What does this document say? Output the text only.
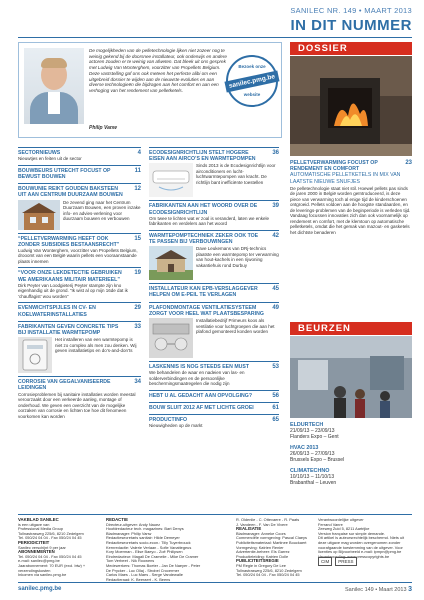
SANILEC NR. 149 • MAART 2013
IN DIT NUMMER
De mogelijkheden van de pelletechnologie lijken niet zozeer nog te weinig gekend bij de doorsnee installateur, ook onderwijs en andere actoren zouden er te weinig van afweten. Dat bleek uit ons gesprek met Ludwig Van Wonterghem, voorzitter van Propellets Belgium. Deze vaststelling gaf ons ook meteen het perfecte alibi om een uitgebreid dossier te wijden aan de nieuwste evoluties en aan diverse technologieën die bijdragen aan het comfort en aan een verhoging van het rendement van pelletketels.
Philip Vanw
Bezoek onze
sanilec.pmg.be
website
SECTORNIEUWS	4
Nieuwtjes en feiten uit de sector
BOUWBEURS UTRECHT FOCUST OP BEWUST BOUWEN
11
BOUWUNIE REIKT GOUDEN BAKSTEEN UIT AAN CENTRUM DUURZAAM BOUWEN
12
De zevend ging naar het Centrum Duurzaam Bouwen, een proven inzake info- en advies-verlening voor duurzaam bouwen en verbouwen
“PELLETVERWARMING HEEFT OOK ZONDER SUBSIDIES BESTAANSRECHT”
15
Ludwig Van Wonterghem, voorzitter van Propellets Belgium, drooomt van een België waarin pellets een vooraanstaande plaats innemen
“VOOR ONZE LEKDETECTIE GEBRUIKEN WE AMERIKAANS MILITAIR MATERIEEL”
19
Dirk Peyter van Loodgieterij Peyter stampte zijn kno eigenhandig uit de grond. “Ik wist al op mijn 16de dat ik ‘chauffagist’ wou worden”
EVENWICHTSPIJLES IN CV- EN KOELWATERINSTALLATIES
29
FABRIKANTEN GEVEN CONCRETE TIPS BIJ INSTALLATIE WARMTEPOMP
33
Het installeren van een warmtepomp is niet zo complex als men zou denken. Wij geven installatietips en do’s-and-don’ts
CORROSIE VAN GEGALVANISEERDE LEIDINGEN
34
Corrosieproblemen bij sanitaire installaties worden meestal veroorzaakt door een verkeerde aanleg, montage of onderhoud. We geven een overzicht van de mogelijke oorzaken van corrosie en lichten toe hoe dit fenomeen voorkomen kan worden
ECODESIGNRICHTLIJN STELT HOGERE EISEN AAN AIRCO’S EN WARMTEPOMPEN
36
Sinds 2013 is de Ecodesignrichtlijn voor airconditioners en lucht-luchtwarmtepompen van kracht. De richtlijn bant inefficiënte toestellen
FABRIKANTEN AAN HET WOORD OVER DE ECODESIGNRICHTLIJN
39
Om twee te lichten wat er zoal is veranderd, laten we enkele fabrikanten en verdelers aan het woord
WARMTEPOMPTECHNIEK ZEKER OOK TOE TE PASSEN BIJ VERBOUWINGEN
42
Dave Leukemans van DRj-technics plaatste een warmtepomp ter verwarming van hout-kachels in een rijwoning vakantiehuis rond Durbuy
INSTALLATEUR KAN EPB-VERSLAGGEVER HELPEN OM E-PEIL TE VERLAGEN
45
PLAFONDMONTAGE VENTILATIESYSTEEM ZORGT VOOR HEEL WAT PLAATSBESPARING
49
Installatiebedrijf Primeurs koos als ventilatie voor luchtgroepen die aan het plafond gemonteerd konden worden
LASKENNIS IS NOG STEEDS EEN MUST	53
We behandelen de waar en nadeien van las- en solderverbindingen en de persoonlijke beschermingsmaatregelen die nodig zijn
HEBT U AL GEDACHT AAN OPVOLGING?	56
BOUW SLUIT 2012 AF MET LICHTE GROEI	61
PRODUCTINFO	65
Nieuwigheden op de markt
DOSSIER
PELLETVERWARMING FOCUST OP RENDEMENT EN COMFORT
23
AUTOMATISCHE PELLETKETELS IN MIX VAN LAATSTE NIEUWE SNUFJES
De pelletechnologie staat niet stil. Hoewel pellets pas sinds de jaren 2000 in België worden geïntroduceerd, is deze piece van verwarming toch al enige tijd de kinderschoenen ontgroeid. Pellets voldoen aan de hoogste standaarden, en de leverings-problemen van de beginperiode is verleden tijd. Vandaag focussen innovaties zich dan ook voornamelijk op rendement en comfort, met de klemtoon op automatische pelletketels, omdat die het gemak van mazout- en gasketels het dichtste benaderen
BEURZEN
ELDURTECH
21/09/13 – 23/09/13
Flanders Expo – Gent
HVAC 2013
26/09/13 – 27/09/13
Brussels Expo – Brussel
CLIMATECHNO
10/10/13 – 11/10/13
Brabanthal – Leuven
VAKBLAD SANILEC
is een uitgave van
Professional Media Group
Tollnastrasweg 225/6, 8210 Zedelgem
Tel. 050/24 04 04 - Fax 050/24 04 45
PERIODICITEIT
Sanilec verschijnt 9 per jaar
ABONNEMENTEN
Tel. 050/24 04 04 - Fax 050/24 04 45
e-mail: sanilec@pmg.be
Jaarabonnement: 70 EUR (excl. btw) + verzendingskosten
Inkomen via sanilec.pmg.be
REDACTIE
Directeur-uitgever: Andy Nauez
Hoofdredacteur tech. magazines: Bart Denys
Bladmanager: Philip Vanw
Redactiesecretaris sanitair: Hilde Demeyer
Redactiesecretaris socio-econ.: Tilly Tuyerbrouck
Kernredactie: Valerie Verlaan - Sofie Vanattegeus
Kory Moerman - Elise Baeyo - Zoë Philipsen
Eindredacteur: Magali De Cramelie - Mike De Cramer
Tom Verbeet - Nik Roowens
Medewerkers: Thomas Boeter - Jan De Naeyer - Peter
De Prycker - Luc Ollaj - Strobel Crocermer
Carlos Maes - Luc Maes - Serge Vandewalle
Redactieraad: K. Beeraert - K. Beens
R. Oldenlie - C. Ottevaere - R. Paats
J. Vandeen - F. Van De Vivere
REALISATIE
Bladmanager: Anneke Coors
Commerciële vormgeving: Pascal Claeys
Publiciteitsmateriaal: Martinee Bouckaert
Vormgeving: Katrien Renier
Advertentie-beheer: Els Garrez
Productieleiding: Katrien Dolle
PUBLICITEITSREGIE
PM Regie in Gregory De Lee
Tollnastrasweg 225/6, 8210 Zedelgem
Tel. 050/24 04 04 - Fax 050/24 04 45
Verantwoordelijke uitgever
Ferrand Vanre
Zeeweg Zuid 5, 8211 Aartrijke
Version française sur simple demande.
Dit artikel is auteursrechtelijk beschermd. Niets uit deze uitgave mag worden overgenomen zonder voorafgaande toestemming van de uitgever. Voor licenties op Bijvoorbeeld e-mail: ipmpn@pmg.be
Verantwoording: www.presscopyrights.be
CIM	PRESS
sanilec.pmg.be	Sanilec 149 • Maart 2013 3
